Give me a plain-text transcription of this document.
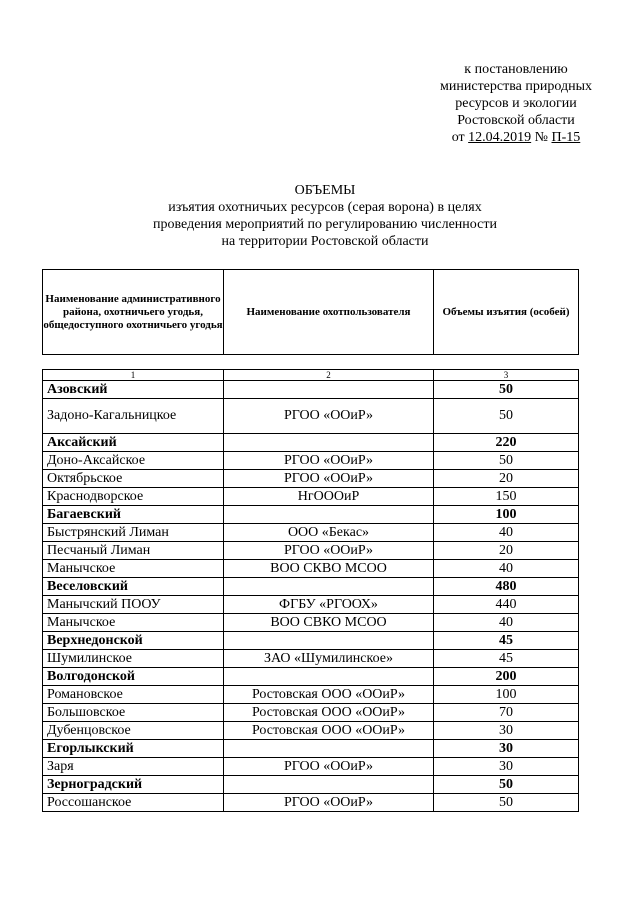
к постановлению
министерства природных
ресурсов и экологии
Ростовской области
от 12.04.2019 № П-15
ОБЪЕМЫ
изъятия охотничьих ресурсов (серая ворона) в целях
проведения мероприятий по регулированию численности
на территории Ростовской области
Наименование административного района, охотничьего угодья, общедоступного охотничьего угодья	Наименование охотпользователя	Объемы изъятия (особей)
1	2	3
Азовский		50
Задоно-Кагальницкое	РГОО «ООиР»	50
Аксайский		220
Доно-Аксайское	РГОО «ООиР»	50
Октябрьское	РГОО «ООиР»	20
Краснодворское	НгОООиР	150
Багаевский		100
Быстрянский Лиман	ООО «Бекас»	40
Песчаный Лиман	РГОО «ООиР»	20
Манычское	ВОО СКВО МСОО	40
Веселовский		480
Манычский ПООУ	ФГБУ «РГООХ»	440
Манычское	ВОО СВКО МСОО	40
Верхнедонской		45
Шумилинское	ЗАО «Шумилинское»	45
Волгодонской		200
Романовское	Ростовская ООО «ООиР»	100
Большовское	Ростовская ООО «ООиР»	70
Дубенцовское	Ростовская ООО «ООиР»	30
Егорлыкский		30
Заря	РГОО «ООиР»	30
Зерноградский		50
Россошанское	РГОО «ООиР»	50
